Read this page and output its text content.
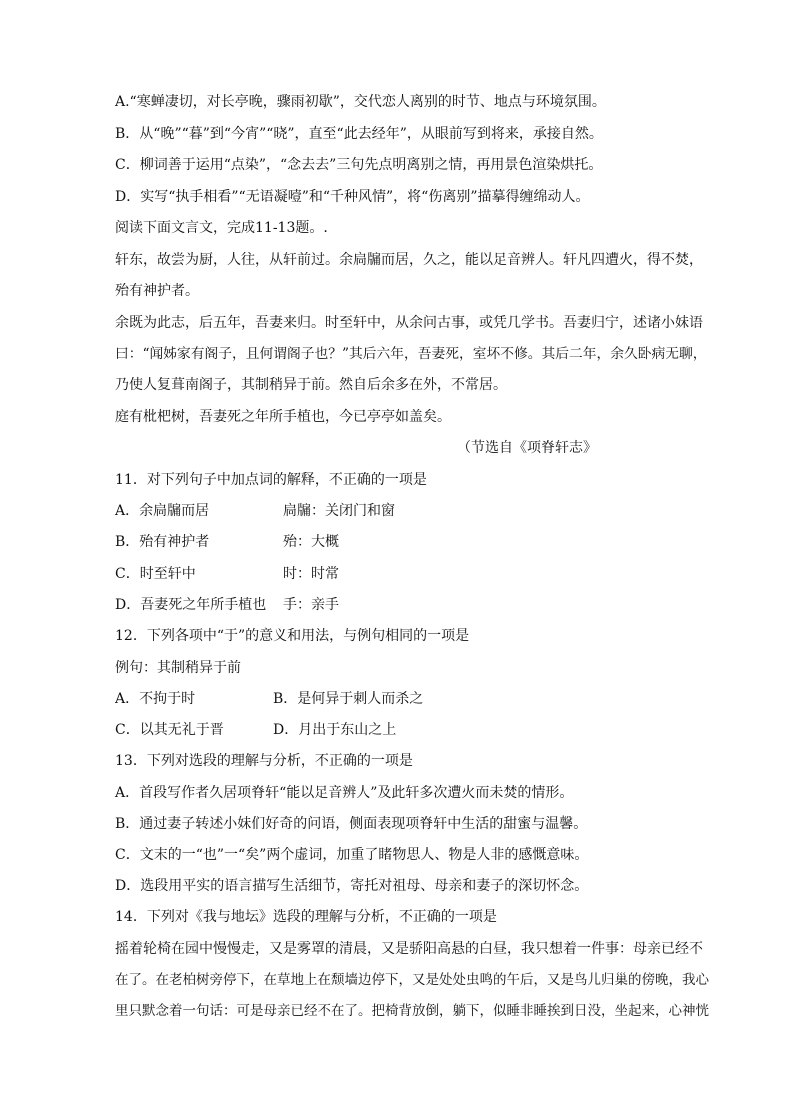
A.“寒蝉凄切，对长亭晚，骤雨初歇”，交代恋人离别的时节、地点与环境氛围。
B．从“晚”“暮”到“今宵”“晓”，直至“此去经年”，从眼前写到将来，承接自然。
C．柳词善于运用“点染”，“念去去”三句先点明离别之情，再用景色渲染烘托。
D．实写“执手相看”“无语凝噎”和“千种风情”，将“伤离别”描摹得缠绵动人。
阅读下面文言文，完成11-13题。.
轩东，故尝为厨，人往，从轩前过。余扃牖而居，久之，能以足音辨人。轩凡四遭火，得不焚，
殆有神护者。
余既为此志，后五年，吾妻来归。时至轩中，从余问古事，或凭几学书。吾妻归宁，述诸小妹语
曰：“闻姊家有阁子，且何谓阁子也？”其后六年，吾妻死，室坏不修。其后二年，余久卧病无聊，
乃使人复葺南阁子，其制稍异于前。然自后余多在外，不常居。
庭有枇杷树，吾妻死之年所手植也，今已亭亭如盖矣。
（节选自《项脊轩志》
11．对下列句子中加点词的解释，不正确的一项是
A．余扃牖而居	扃牖：关闭门和窗
B．殆有神护者	殆：大概
C．时至轩中	时：时常
D．吾妻死之年所手植也 手：亲手
12．下列各项中“于”的意义和用法，与例句相同的一项是
例句：其制稍异于前
A．不拘于时	B．是何异于刺人而杀之
C．以其无礼于晋	D．月出于东山之上
13．下列对选段的理解与分析，不正确的一项是
A．首段写作者久居项脊轩“能以足音辨人”及此轩多次遭火而未焚的情形。
B．通过妻子转述小妹们好奇的问语，侧面表现项脊轩中生活的甜蜜与温馨。
C．文末的一“也”一“矣”两个虚词，加重了睹物思人、物是人非的感慨意味。
D．选段用平实的语言描写生活细节，寄托对祖母、母亲和妻子的深切怀念。
14．下列对《我与地坛》选段的理解与分析，不正确的一项是
摇着轮椅在园中慢慢走，又是雾罩的清晨，又是骄阳高悬的白昼，我只想着一件事：母亲已经不
在了。在老柏树旁停下，在草地上在颓墙边停下，又是处处虫鸣的午后，又是鸟儿归巢的傍晚，我心
里只默念着一句话：可是母亲已经不在了。把椅背放倒，躺下，似睡非睡挨到日没，坐起来，心神恍
